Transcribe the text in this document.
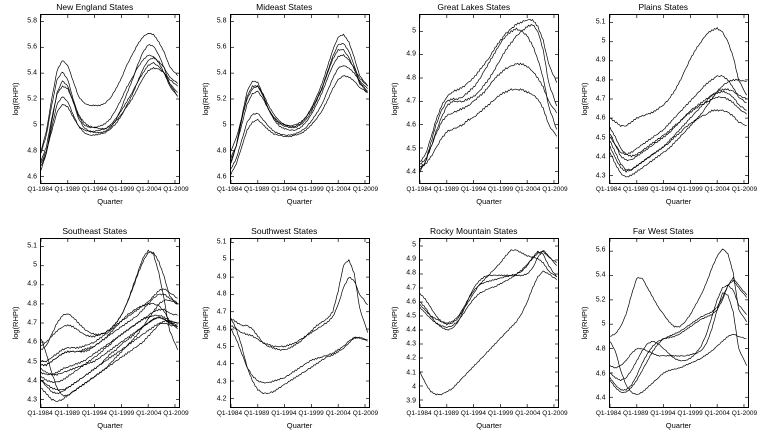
New England States
4.6
4.8
5
5.2
5.4
5.6
5.8
Q1-1984 Q1-1989 Q1-1994 Q1-1999 Q1-2004 Q1-2009
log(RHPI)
Quarter
Mideast States
4.6
4.8
5
5.2
5.4
5.6
5.8
Q1-1984 Q1-1989 Q1-1994 Q1-1999 Q1-2004 Q1-2009
log(RHPI)
Quarter
Great Lakes States
4.4
4.5
4.6
4.7
4.8
4.9
5
Q1-1984 Q1-1989 Q1-1994 Q1-1999 Q1-2004 Q1-2009
log(RHPI)
Quarter
Plains States
4.3
4.4
4.5
4.6
4.7
4.8
4.9
5
5.1
Q1-1984 Q1-1989 Q1-1994 Q1-1999 Q1-2004 Q1-2009
log(RHPI)
Quarter
Southeast States
4.3
4.4
4.5
4.6
4.7
4.8
4.9
5
5.1
Q1-1984 Q1-1989 Q1-1994 Q1-1999 Q1-2004 Q1-2009
log(RHPI)
Quarter
Southwest States
4.2
4.3
4.4
4.5
4.6
4.7
4.8
4.9
5
5.1
Q1-1984 Q1-1989 Q1-1994 Q1-1999 Q1-2004 Q1-2009
log(RHPI)
Quarter
Rocky Mountain States
3.9
4
4.1
4.2
4.3
4.4
4.5
4.6
4.7
4.8
4.9
5
Q1-1984 Q1-1989 Q1-1994 Q1-1999 Q1-2004 Q1-2009
log(RHPI)
Quarter
Far West States
4.4
4.6
4.8
5
5.2
5.4
5.6
Q1-1984 Q1-1989 Q1-1994 Q1-1999 Q1-2004 Q1-2009
log(RHPI)
Quarter
